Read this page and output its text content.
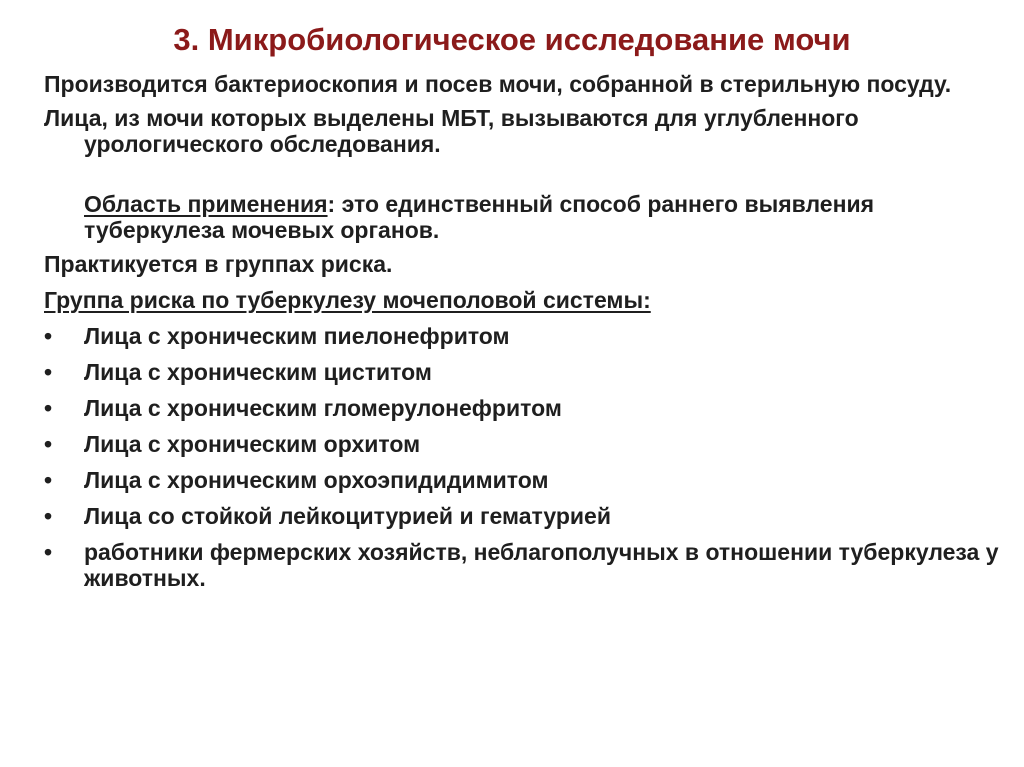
3. Микробиологическое исследование мочи

Производится бактериоскопия и посев мочи, собранной в стерильную посуду.

Лица, из мочи которых выделены МБТ, вызываются для углубленного урологического обследования.

Область применения: это единственный способ раннего выявления туберкулеза мочевых органов.

Практикуется в группах риска.

Группа риска по туберкулезу мочеполовой системы:

•	Лица с хроническим пиелонефритом
•	Лица с хроническим циститом
•	Лица с хроническим гломерулонефритом
•	Лица с хроническим орхитом
•	Лица с хроническим орхоэпидидимитом
•	Лица со стойкой лейкоцитурией и гематурией
•	работники фермерских хозяйств, неблагополучных в отношении туберкулеза у животных.
